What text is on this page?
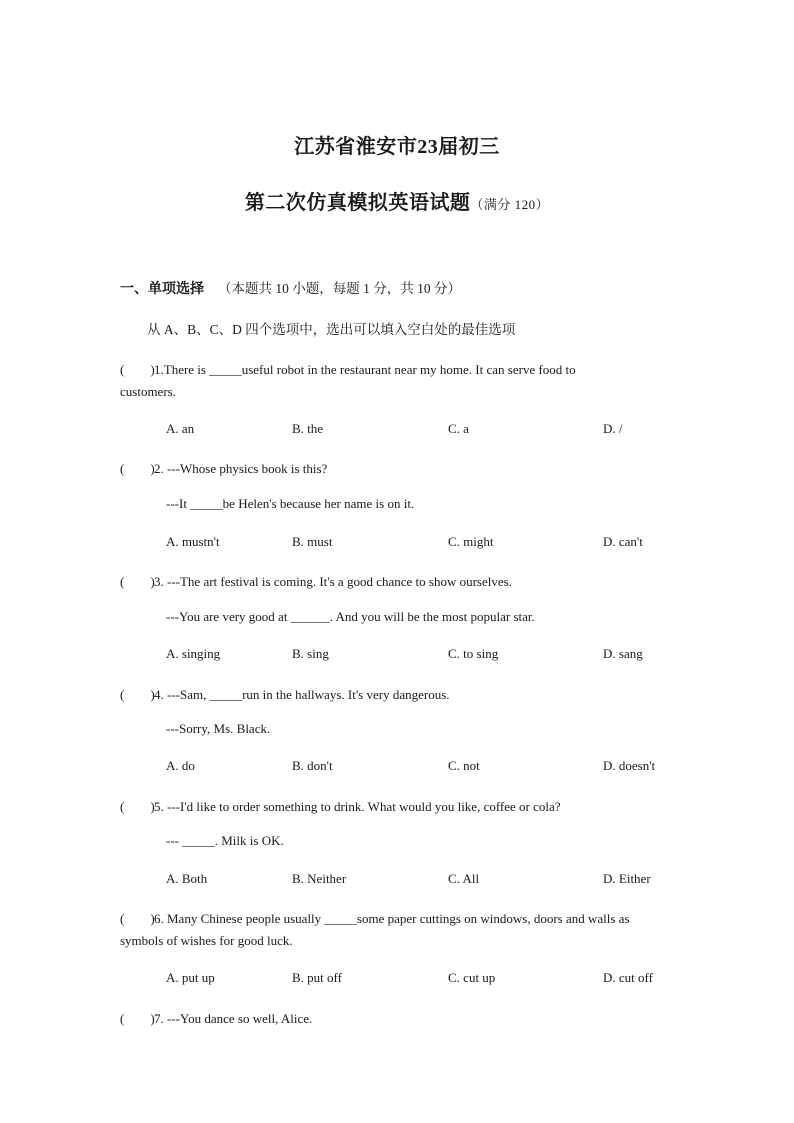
江苏省淮安市23届初三
第二次仿真模拟英语试题（满分 120）
一、单项选择 （本题共 10 小题，每题 1 分，共 10 分）
从 A、B、C、D 四个选项中，选出可以填入空白处的最佳选项
(　　)1.There is _____useful robot in the restaurant near my home. It can serve food to
customers.
A. an	B. the	C. a	D. /
(　　)2. ---Whose physics book is this?
---It _____be Helen's because her name is on it.
A. mustn't	B. must	C. might	D. can't
(　　)3. ---The art festival is coming. It's a good chance to show ourselves.
---You are very good at ______. And you will be the most popular star.
A. singing	B. sing	C. to sing	D. sang
(　　)4. ---Sam, _____run in the hallways. It's very dangerous.
---Sorry, Ms. Black.
A. do	B. don't	C. not	D. doesn't
(　　)5. ---I'd like to order something to drink. What would you like, coffee or cola?
--- _____. Milk is OK.
A. Both	B. Neither	C. All	D. Either
(　　)6. Many Chinese people usually _____some paper cuttings on windows, doors and walls as
symbols of wishes for good luck.
A. put up	B. put off	C. cut up	D. cut off
(　　)7. ---You dance so well, Alice.
